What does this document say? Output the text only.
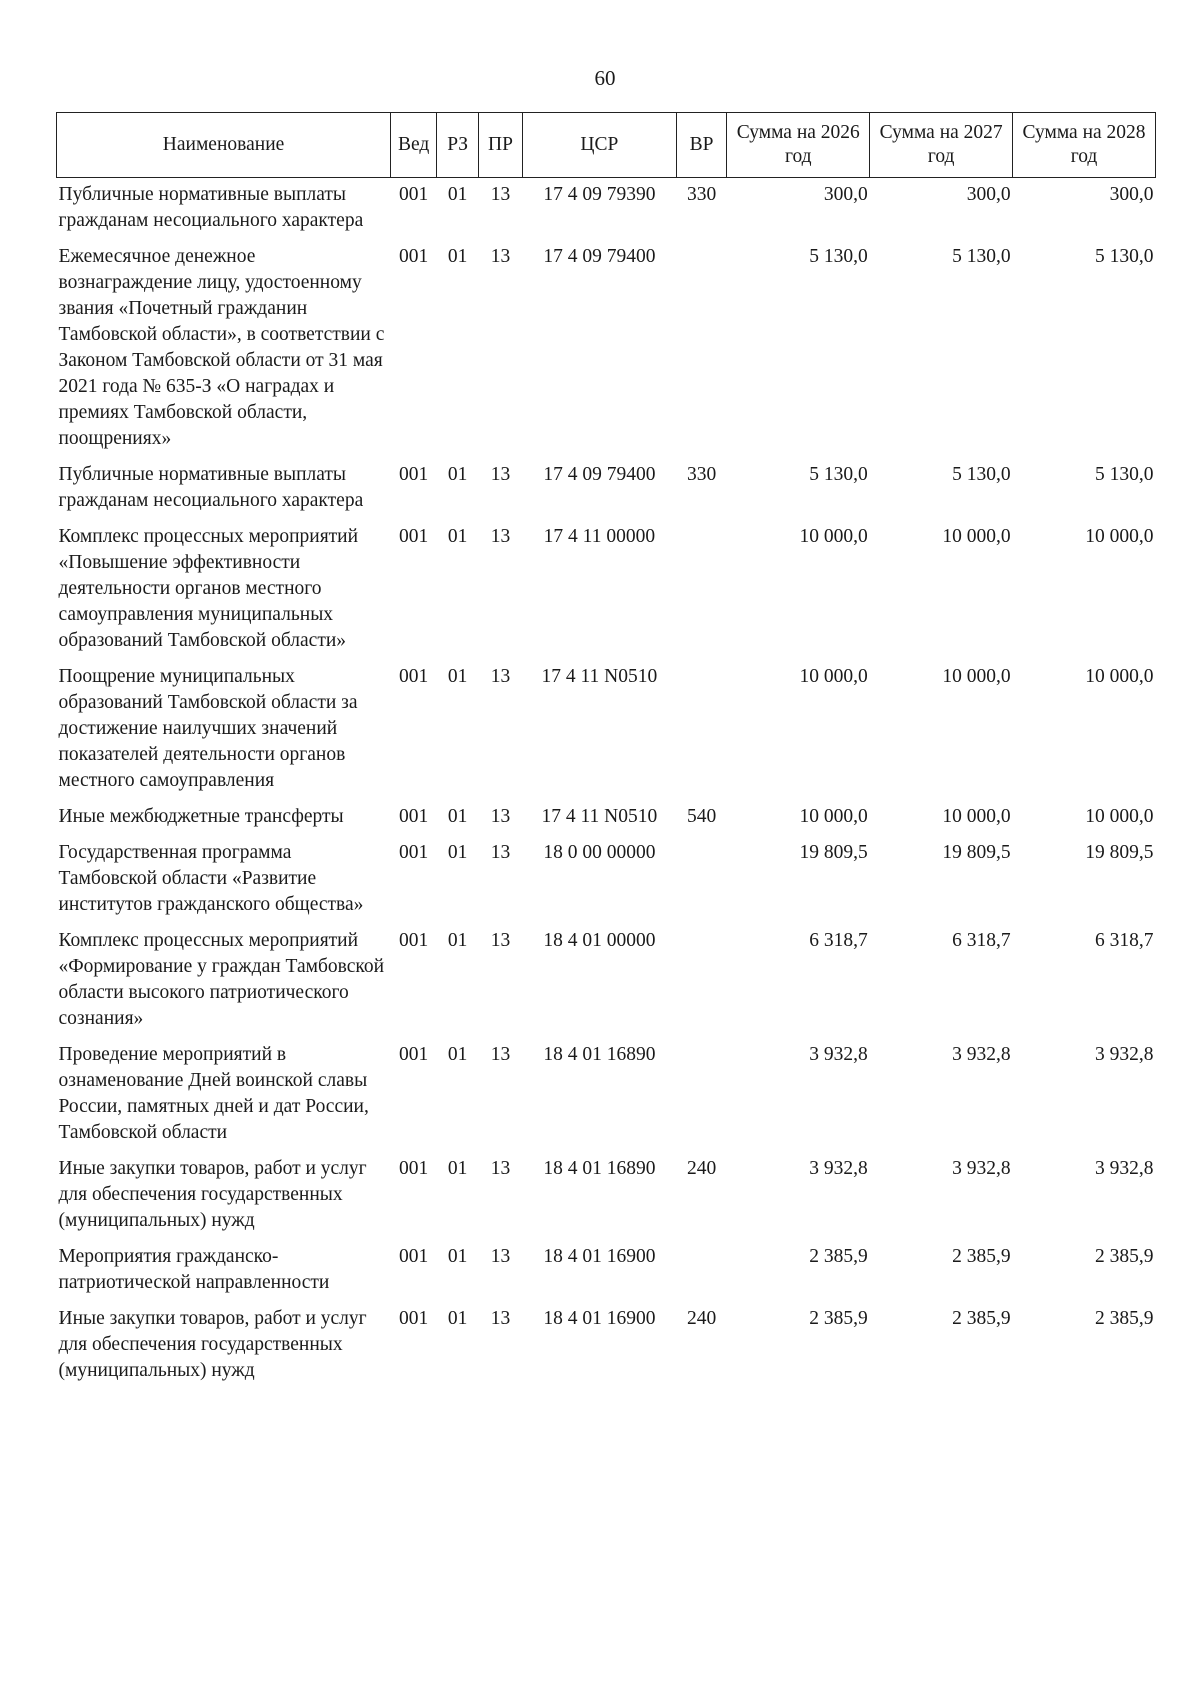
60
Наименование	Вед	РЗ	ПР	ЦСР	ВР	Сумма на 2026 год	Сумма на 2027 год	Сумма на 2028 год
Публичные нормативные выплаты гражданам несоциального характера	001	01	13	17 4 09 79390	330	300,0	300,0	300,0
Ежемесячное денежное вознаграждение лицу, удостоенному звания «Почетный гражданин Тамбовской области», в соответствии с Законом Тамбовской области от 31 мая 2021 года № 635-З «О наградах и премиях Тамбовской области, поощрениях»	001	01	13	17 4 09 79400		5 130,0	5 130,0	5 130,0
Публичные нормативные выплаты гражданам несоциального характера	001	01	13	17 4 09 79400	330	5 130,0	5 130,0	5 130,0
Комплекс процессных мероприятий «Повышение эффективности деятельности органов местного самоуправления муниципальных образований Тамбовской области»	001	01	13	17 4 11 00000		10 000,0	10 000,0	10 000,0
Поощрение муниципальных образований Тамбовской области за достижение наилучших значений показателей деятельности органов местного самоуправления	001	01	13	17 4 11 N0510		10 000,0	10 000,0	10 000,0
Иные межбюджетные трансферты	001	01	13	17 4 11 N0510	540	10 000,0	10 000,0	10 000,0
Государственная программа Тамбовской области «Развитие институтов гражданского общества»	001	01	13	18 0 00 00000		19 809,5	19 809,5	19 809,5
Комплекс процессных мероприятий «Формирование у граждан Тамбовской области высокого патриотического сознания»	001	01	13	18 4 01 00000		6 318,7	6 318,7	6 318,7
Проведение мероприятий в ознаменование Дней воинской славы России, памятных дней и дат России, Тамбовской области	001	01	13	18 4 01 16890		3 932,8	3 932,8	3 932,8
Иные закупки товаров, работ и услуг для обеспечения государственных (муниципальных) нужд	001	01	13	18 4 01 16890	240	3 932,8	3 932,8	3 932,8
Мероприятия гражданско-патриотической направленности	001	01	13	18 4 01 16900		2 385,9	2 385,9	2 385,9
Иные закупки товаров, работ и услуг для обеспечения государственных (муниципальных) нужд	001	01	13	18 4 01 16900	240	2 385,9	2 385,9	2 385,9
